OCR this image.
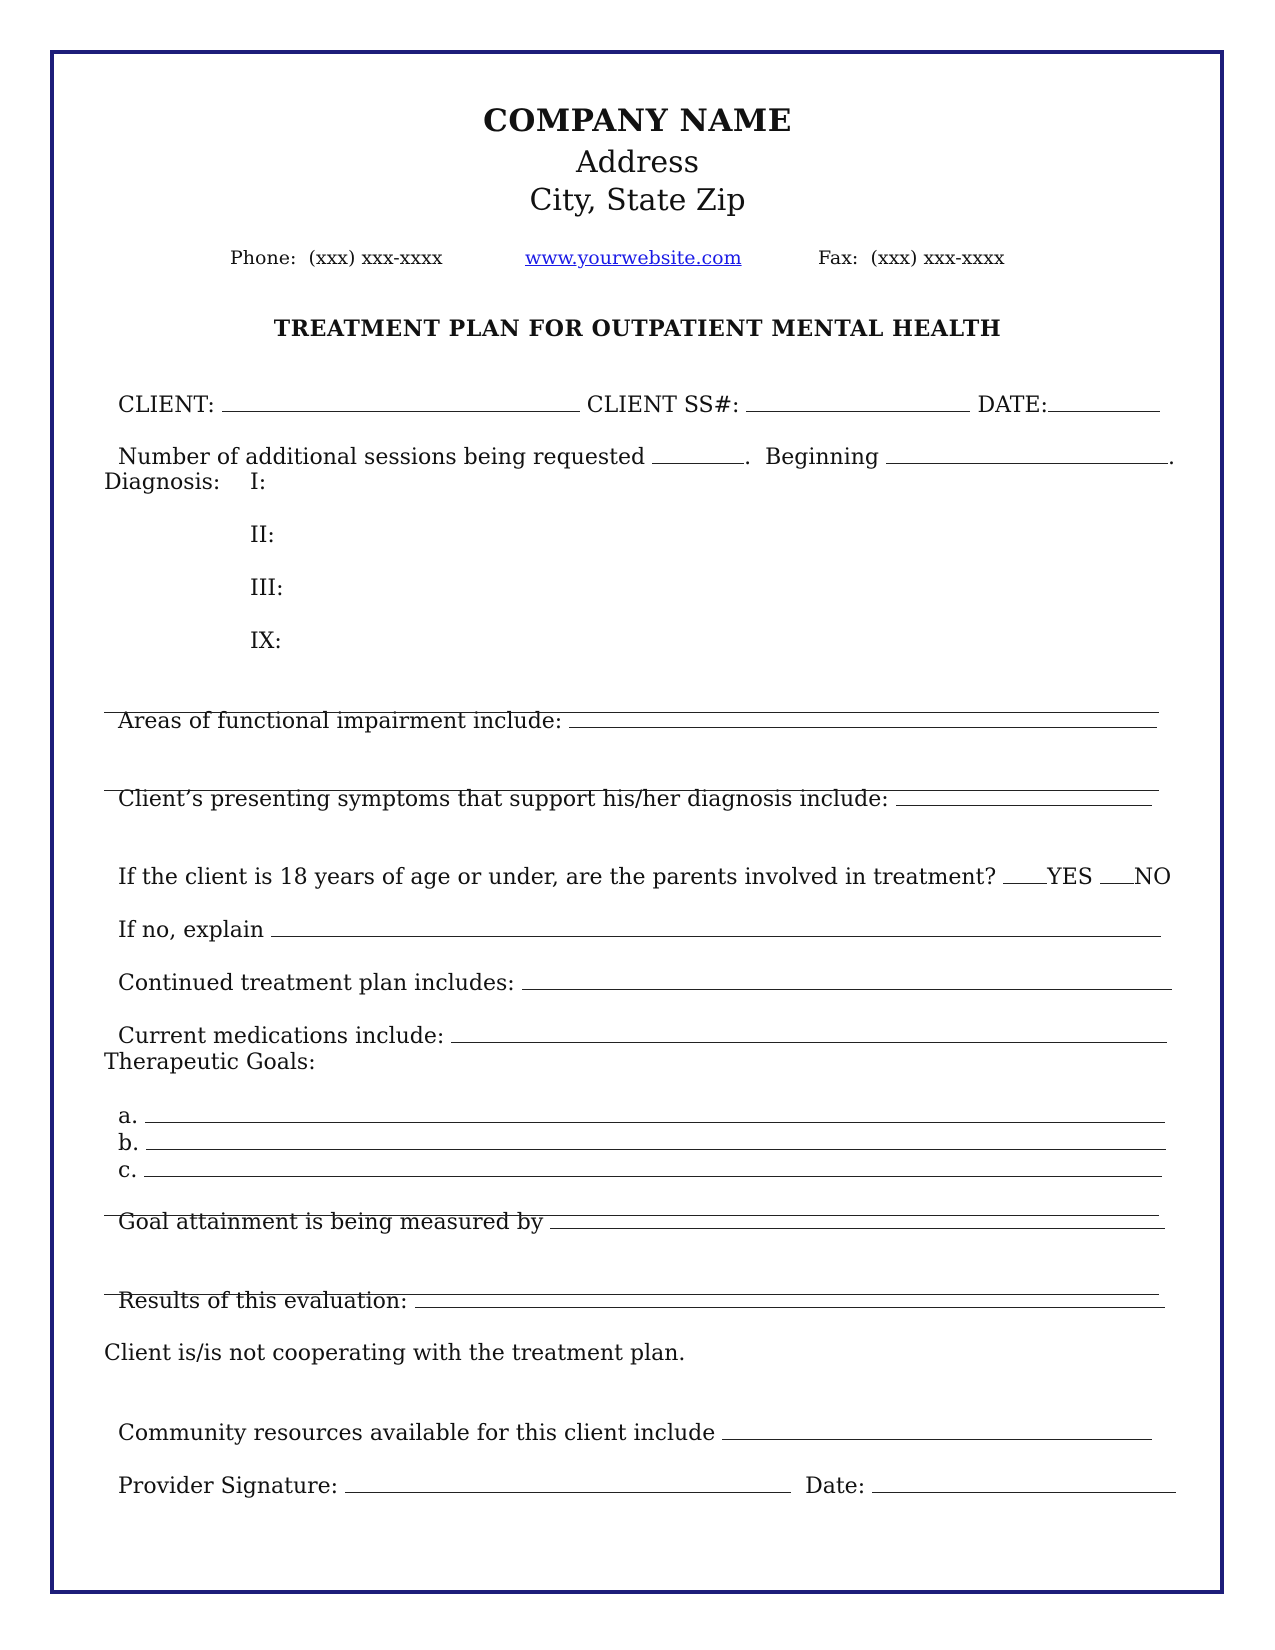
COMPANY NAME
Address
City, State Zip
Phone: (xxx) xxx-xxxx	www.yourwebsite.com	Fax: (xxx) xxx-xxxx
TREATMENT PLAN FOR OUTPATIENT MENTAL HEALTH

CLIENT:	CLIENT SS#:	DATE:

Number of additional sessions being requested	. Beginning	.

Diagnosis: I:
II:
III:
IX:

Areas of functional impairment include:

Client’s presenting symptoms that support his/her diagnosis include:

If the client is 18 years of age or under, are the parents involved in treatment? YES NO

If no, explain

Continued treatment plan includes:

Current medications include:

Therapeutic Goals:

a.

b.

c.

Goal attainment is being measured by

Results of this evaluation:

Client is/is not cooperating with the treatment plan.

Community resources available for this client include

Provider Signature:	Date:
